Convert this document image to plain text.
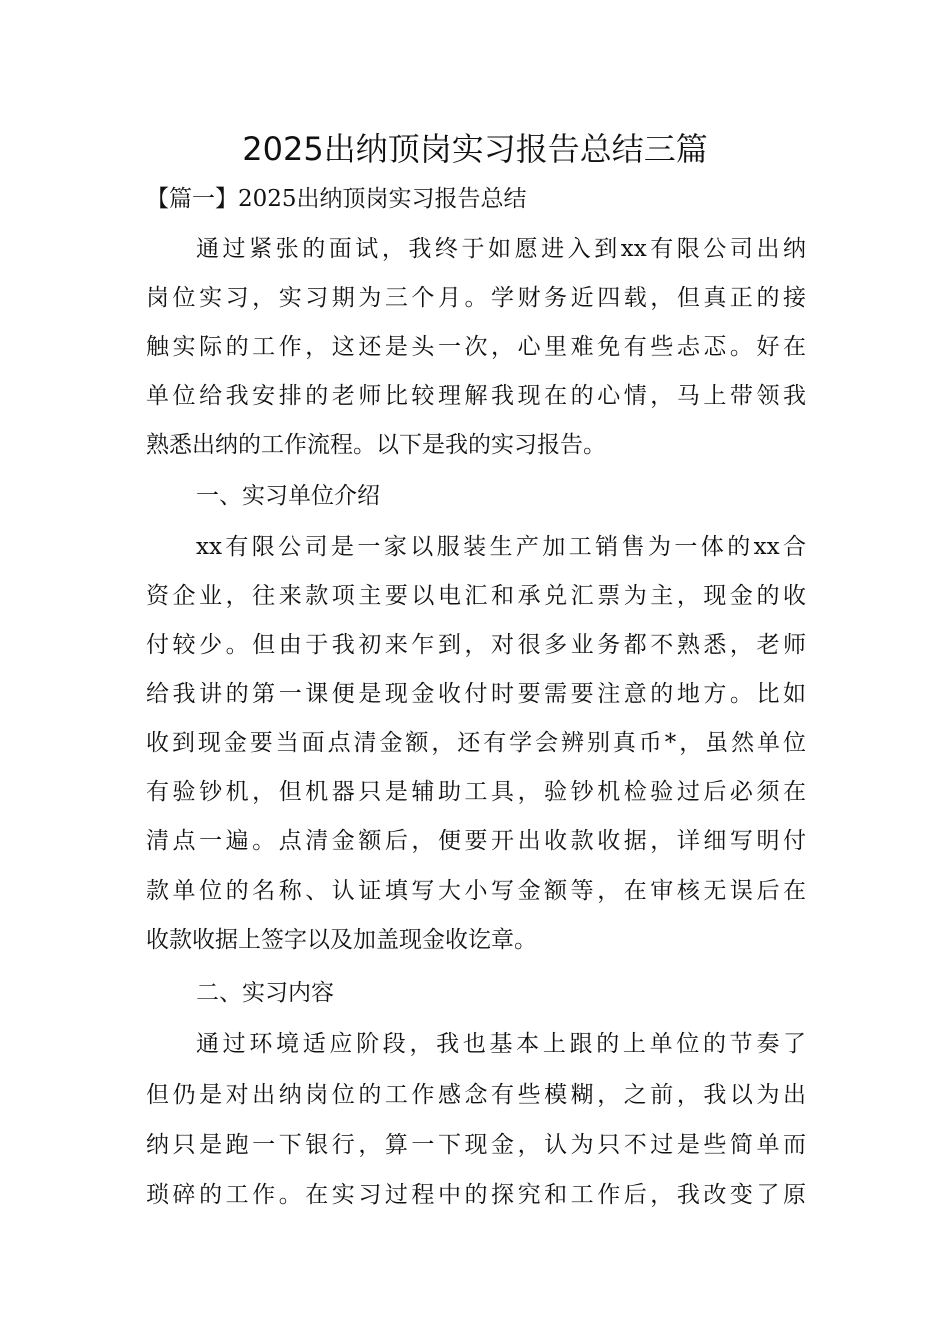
2025出纳顶岗实习报告总结三篇
【篇一】2025出纳顶岗实习报告总结
通过紧张的面试，我终于如愿进入到xx有限公司出纳
岗位实习，实习期为三个月。学财务近四载，但真正的接
触实际的工作，这还是头一次，心里难免有些忐忑。好在
单位给我安排的老师比较理解我现在的心情，马上带领我
熟悉出纳的工作流程。以下是我的实习报告。
一、实习单位介绍
xx有限公司是一家以服装生产加工销售为一体的xx合
资企业，往来款项主要以电汇和承兑汇票为主，现金的收
付较少。但由于我初来乍到，对很多业务都不熟悉，老师
给我讲的第一课便是现金收付时要需要注意的地方。比如
收到现金要当面点清金额，还有学会辨别真币*，虽然单位
有验钞机，但机器只是辅助工具，验钞机检验过后必须在
清点一遍。点清金额后，便要开出收款收据，详细写明付
款单位的名称、认证填写大小写金额等，在审核无误后在
收款收据上签字以及加盖现金收讫章。
二、实习内容
通过环境适应阶段，我也基本上跟的上单位的节奏了
但仍是对出纳岗位的工作感念有些模糊，之前，我以为出
纳只是跑一下银行，算一下现金，认为只不过是些简单而
琐碎的工作。在实习过程中的探究和工作后，我改变了原
